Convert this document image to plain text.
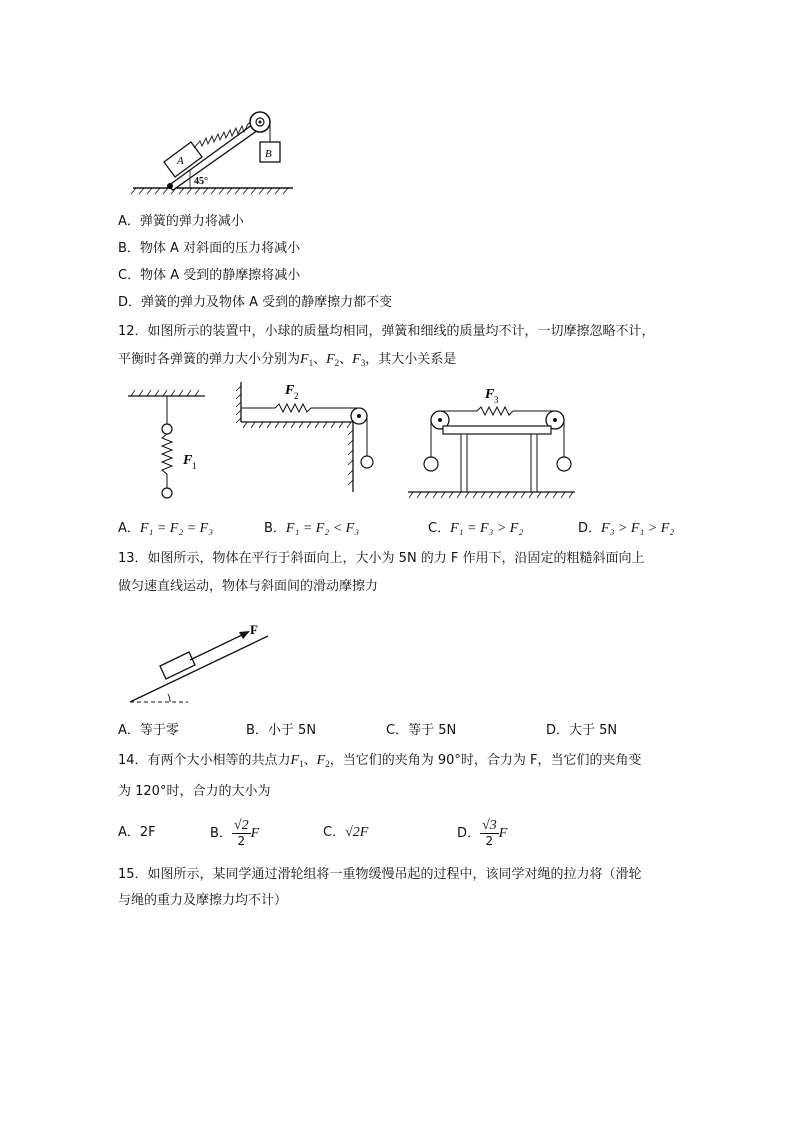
45°
A
B
A．弹簧的弹力将减小
B．物体 A 对斜面的压力将减小
C．物体 A 受到的静摩擦将减小
D．弹簧的弹力及物体 A 受到的静摩擦力都不变
12．如图所示的装置中，小球的质量均相同，弹簧和细线的质量均不计，一切摩擦忽略不计，
平衡时各弹簧的弹力大小分别为$F_1$、$F_2$、$F_3$，其大小关系是
F 1
F 2	F 3
A．F₁ = F₂ = F₃	B．F₁ = F₂ < F₃	C．F₁ = F₃ > F₂	D．F₃ > F₁ > F₂
13．如图所示，物体在平行于斜面向上，大小为 5N 的力 F 作用下，沿固定的粗糙斜面向上
做匀速直线运动，物体与斜面间的滑动摩擦力
F
A．等于零	B．小于 5N	C．等于 5N	D．大于 5N
14．有两个大小相等的共点力$F_1$、$F_2$，当它们的夹角为 90°时，合力为 F，当它们的夹角变
为 120°时，合力的大小为
A．2F	B． $\frac{√2}{2}$ F	C．√2F	D． $\frac{√3}{2}$ F
15．如图所示，某同学通过滑轮组将一重物缓慢吊起的过程中，该同学对绳的拉力将（滑轮
与绳的重力及摩擦力均不计）
